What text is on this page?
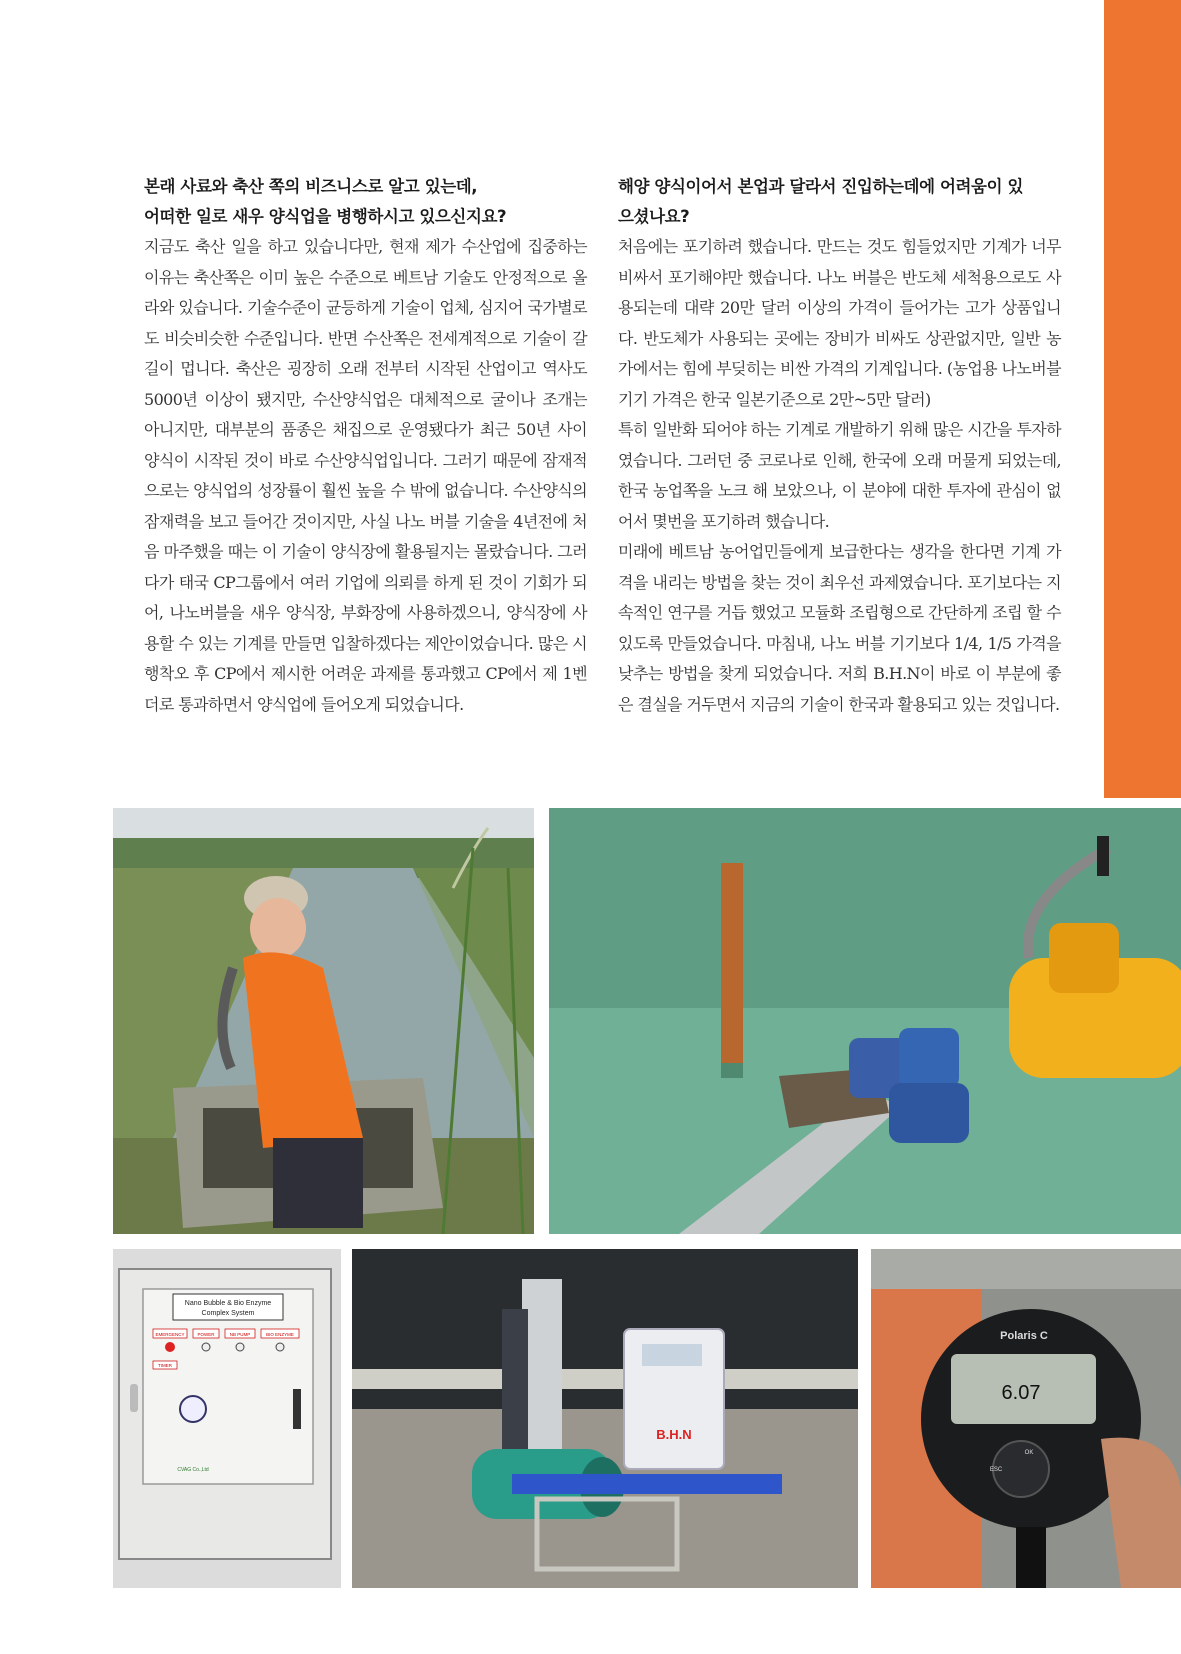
본래 사료와 축산 쪽의 비즈니스로 알고 있는데,
어떠한 일로 새우 양식업을 병행하시고 있으신지요?

지금도 축산 일을 하고 있습니다만, 현재 제가 수산업에 집중하는 이유는 축산쪽은 이미 높은 수준으로 베트남 기술도 안정적으로 올라와 있습니다. 기술수준이 균등하게 기술이 업체, 심지어 국가별로도 비슷비슷한 수준입니다. 반면 수산쪽은 전세계적으로 기술이 갈 길이 멉니다. 축산은 굉장히 오래 전부터 시작된 산업이고 역사도 5000년 이상이 됐지만, 수산양식업은 대체적으로 굴이나 조개는 아니지만, 대부분의 품종은 채집으로 운영됐다가 최근 50년 사이 양식이 시작된 것이 바로 수산양식업입니다. 그러기 때문에 잠재적으로는 양식업의 성장률이 훨씬 높을 수 밖에 없습니다. 수산양식의 잠재력을 보고 들어간 것이지만, 사실 나노 버블 기술을 4년전에 처음 마주했을 때는 이 기술이 양식장에 활용될지는 몰랐습니다. 그러다가 태국 CP그룹에서 여러 기업에 의뢰를 하게 된 것이 기회가 되어, 나노버블을 새우 양식장, 부화장에 사용하겠으니, 양식장에 사용할 수 있는 기계를 만들면 입찰하겠다는 제안이었습니다. 많은 시행착오 후 CP에서 제시한 어려운 과제를 통과했고 CP에서 제 1벤더로 통과하면서 양식업에 들어오게 되었습니다.

해양 양식이어서 본업과 달라서 진입하는데에 어려움이 있
으셨나요?

처음에는 포기하려 했습니다. 만드는 것도 힘들었지만 기계가 너무 비싸서 포기해야만 했습니다. 나노 버블은 반도체 세척용으로도 사용되는데 대략 20만 달러 이상의 가격이 들어가는 고가 상품입니다. 반도체가 사용되는 곳에는 장비가 비싸도 상관없지만, 일반 농가에서는 힘에 부딪히는 비싼 가격의 기계입니다. (농업용 나노버블기기 가격은 한국 일본기준으로 2만~5만 달러)

특히 일반화 되어야 하는 기계로 개발하기 위해 많은 시간을 투자하였습니다. 그러던 중 코로나로 인해, 한국에 오래 머물게 되었는데, 한국 농업쪽을 노크 해 보았으나, 이 분야에 대한 투자에 관심이 없어서 몇번을 포기하려 했습니다.

미래에 베트남 농어업민들에게 보급한다는 생각을 한다면 기계 가격을 내리는 방법을 찾는 것이 최우선 과제였습니다. 포기보다는 지속적인 연구를 거듭 했었고 모듈화 조립형으로 간단하게 조립 할 수 있도록 만들었습니다. 마침내, 나노 버블 기기보다 1/4, 1/5 가격을 낮추는 방법을 찾게 되었습니다. 저희 B.H.N이 바로 이 부분에 좋은 결실을 거두면서 지금의 기술이 한국과 활용되고 있는 것입니다.

Nano Bubble & Bio Enzyme
Complex System
EMERGENCY	POWER	NB PUMP	BIO ENZYME
TIMER
CVAG Co.,Ltd
B.H.N
Polaris C
6.07
ESC
OK
